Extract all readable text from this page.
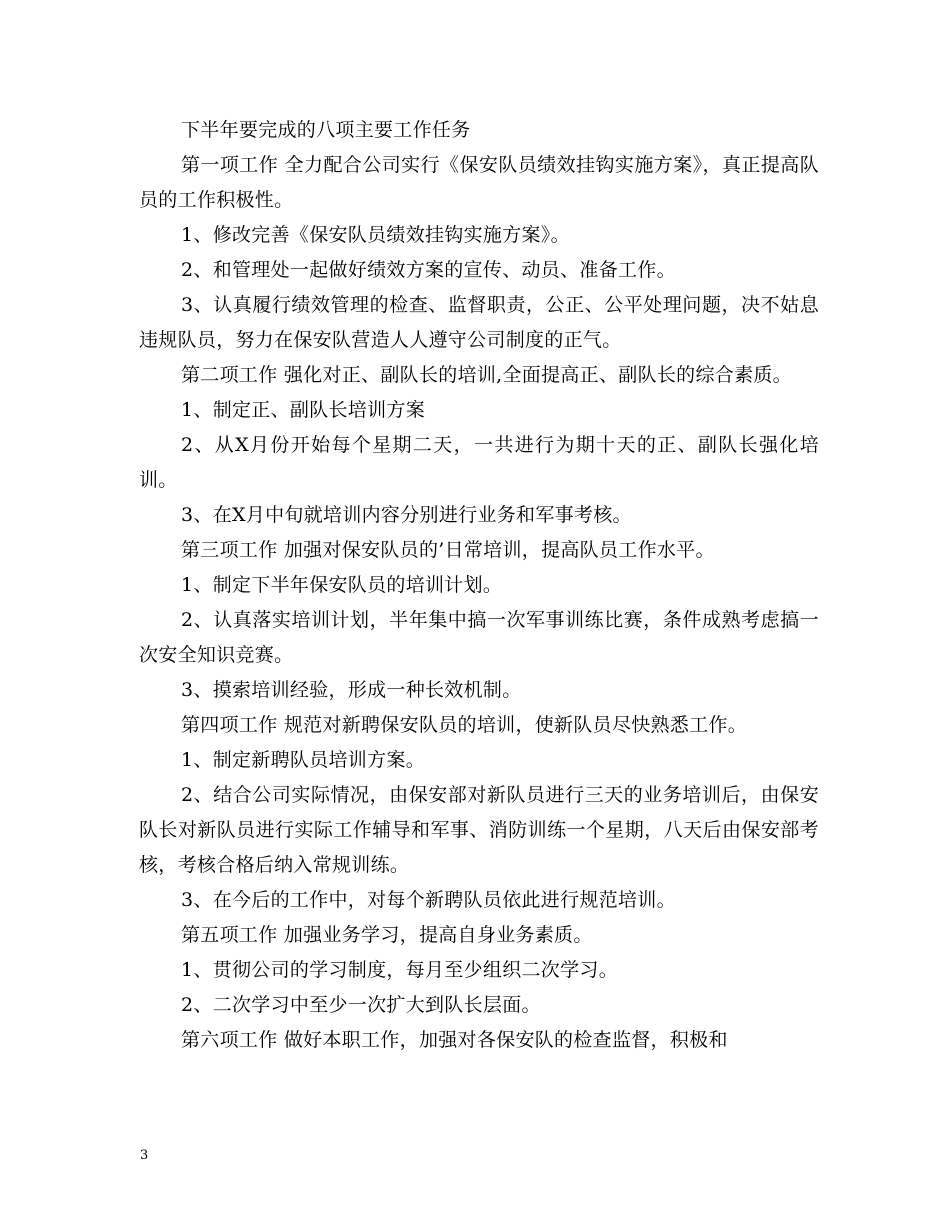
下半年要完成的八项主要工作任务

第一项工作 全力配合公司实行《保安队员绩效挂钩实施方案》，真正提高队员的工作积极性。

1、修改完善《保安队员绩效挂钩实施方案》。

2、和管理处一起做好绩效方案的宣传、动员、准备工作。

3、认真履行绩效管理的检查、监督职责，公正、公平处理问题，决不姑息违规队员，努力在保安队营造人人遵守公司制度的正气。

第二项工作 强化对正、副队长的培训,全面提高正、副队长的综合素质。

1、制定正、副队长培训方案

2、从X月份开始每个星期二天，一共进行为期十天的正、副队长强化培训。

3、在X月中旬就培训内容分别进行业务和军事考核。

第三项工作 加强对保安队员的’日常培训，提高队员工作水平。

1、制定下半年保安队员的培训计划。

2、认真落实培训计划，半年集中搞一次军事训练比赛，条件成熟考虑搞一次安全知识竞赛。

3、摸索培训经验，形成一种长效机制。

第四项工作 规范对新聘保安队员的培训，使新队员尽快熟悉工作。

1、制定新聘队员培训方案。

2、结合公司实际情况，由保安部对新队员进行三天的业务培训后，由保安队长对新队员进行实际工作辅导和军事、消防训练一个星期，八天后由保安部考核，考核合格后纳入常规训练。

3、在今后的工作中，对每个新聘队员依此进行规范培训。

第五项工作 加强业务学习，提高自身业务素质。

1、贯彻公司的学习制度，每月至少组织二次学习。

2、二次学习中至少一次扩大到队长层面。

第六项工作 做好本职工作，加强对各保安队的检查监督，积极和

3
